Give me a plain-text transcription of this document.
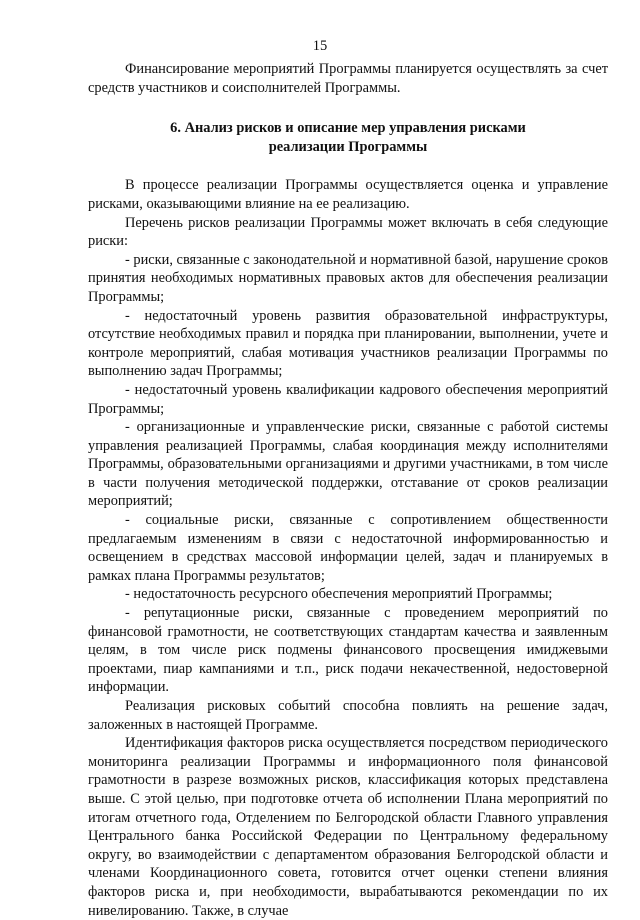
15

Финансирование мероприятий Программы планируется осуществлять за счет средств участников и соисполнителей Программы.

6. Анализ рисков и описание мер управления рисками
реализации Программы

В процессе реализации Программы осуществляется оценка и управление рисками, оказывающими влияние на ее реализацию.

Перечень рисков реализации Программы может включать в себя следующие риски:

- риски, связанные с законодательной и нормативной базой, нарушение сроков принятия необходимых нормативных правовых актов для обеспечения реализации Программы;

- недостаточный уровень развития образовательной инфраструктуры, отсутствие необходимых правил и порядка при планировании, выполнении, учете и контроле мероприятий, слабая мотивация участников реализации Программы по выполнению задач Программы;

- недостаточный уровень квалификации кадрового обеспечения мероприятий Программы;

- организационные и управленческие риски, связанные с работой системы управления реализацией Программы, слабая координация между исполнителями Программы, образовательными организациями и другими участниками, в том числе в части получения методической поддержки, отставание от сроков реализации мероприятий;

- социальные риски, связанные с сопротивлением общественности предлагаемым изменениям в связи с недостаточной информированностью и освещением в средствах массовой информации целей, задач и планируемых в рамках плана Программы результатов;

- недостаточность ресурсного обеспечения мероприятий Программы;

- репутационные риски, связанные с проведением мероприятий по финансовой грамотности, не соответствующих стандартам качества и заявленным целям, в том числе риск подмены финансового просвещения имиджевыми проектами, пиар кампаниями и т.п., риск подачи некачественной, недостоверной информации.

Реализация рисковых событий способна повлиять на решение задач, заложенных в настоящей Программе.

Идентификация факторов риска осуществляется посредством периодического мониторинга реализации Программы и информационного поля финансовой грамотности в разрезе возможных рисков, классификация которых представлена выше. С этой целью, при подготовке отчета об исполнении Плана мероприятий по итогам отчетного года, Отделением по Белгородской области Главного управления Центрального банка Российской Федерации по Центральному федеральному округу, во взаимодействии с департаментом образования Белгородской области и членами Координационного совета, готовится отчет оценки степени влияния факторов риска и, при необходимости, вырабатываются рекомендации по их нивелированию. Также, в случае
